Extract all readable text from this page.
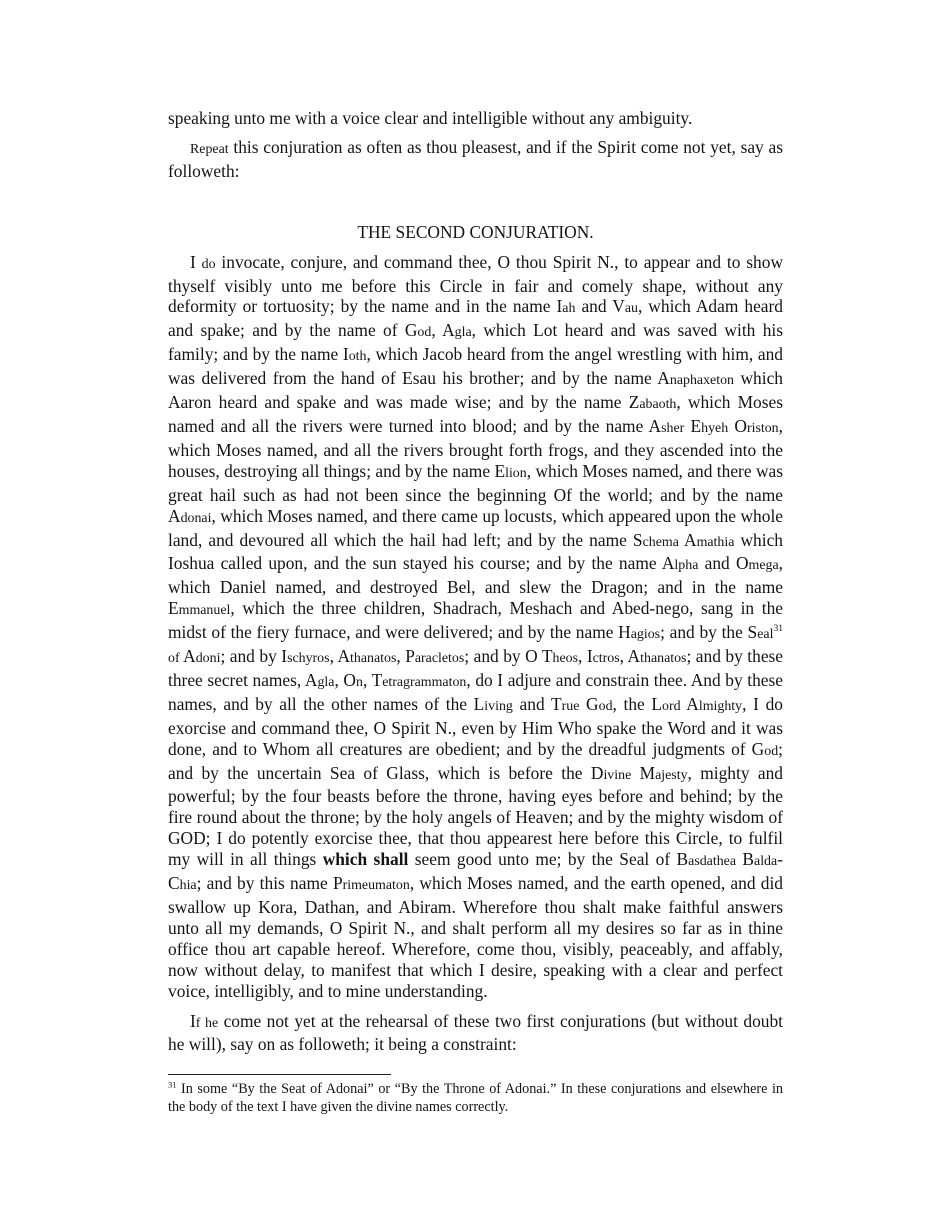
speaking unto me with a voice clear and intelligible without any ambiguity.

Repeat this conjuration as often as thou pleasest, and if the Spirit come not yet, say as followeth:

THE SECOND CONJURATION.

I do invocate, conjure, and command thee, O thou Spirit N., to appear and to show thyself visibly unto me before this Circle in fair and comely shape, without any deformity or tortuosity; by the name and in the name Iah and Vau, which Adam heard and spake; and by the name of God, Agla, which Lot heard and was saved with his family; and by the name Ioth, which Jacob heard from the angel wrestling with him, and was delivered from the hand of Esau his brother; and by the name Anaphaxeton which Aaron heard and spake and was made wise; and by the name Zabaoth, which Moses named and all the rivers were turned into blood; and by the name Asher Ehyeh Oriston, which Moses named, and all the rivers brought forth frogs, and they ascended into the houses, destroying all things; and by the name Elion, which Moses named, and there was great hail such as had not been since the beginning Of the world; and by the name Adonai, which Moses named, and there came up locusts, which appeared upon the whole land, and devoured all which the hail had left; and by the name Schema Amathia which Ioshua called upon, and the sun stayed his course; and by the name Alpha and Omega, which Daniel named, and destroyed Bel, and slew the Dragon; and in the name Emmanuel, which the three children, Shadrach, Meshach and Abed-nego, sang in the midst of the fiery furnace, and were delivered; and by the name Hagios; and by the Seal$^{31}$ of Adoni; and by Ischyros, Athanatos, Paracletos; and by O Theos, Ictros, Athanatos; and by these three secret names, Agla, On, Tetragrammaton, do I adjure and constrain thee. And by these names, and by all the other names of the Living and True God, the Lord Almighty, I do exorcise and command thee, O Spirit N., even by Him Who spake the Word and it was done, and to Whom all creatures are obedient; and by the dreadful judgments of God; and by the uncertain Sea of Glass, which is before the Divine Majesty, mighty and powerful; by the four beasts before the throne, having eyes before and behind; by the fire round about the throne; by the holy angels of Heaven; and by the mighty wisdom of GOD; I do potently exorcise thee, that thou appearest here before this Circle, to fulfil my will in all things which shall seem good unto me; by the Seal of Basdathea Balda-Chia; and by this name Primeumaton, which Moses named, and the earth opened, and did swallow up Kora, Dathan, and Abiram. Wherefore thou shalt make faithful answers unto all my demands, O Spirit N., and shalt perform all my desires so far as in thine office thou art capable hereof. Wherefore, come thou, visibly, peaceably, and affably, now without delay, to manifest that which I desire, speaking with a clear and perfect voice, intelligibly, and to mine understanding.

If he come not yet at the rehearsal of these two first conjurations (but without doubt he will), say on as followeth; it being a constraint:

$^{31}$ In some “By the Seat of Adonai” or “By the Throne of Adonai.” In these conjurations and elsewhere in the body of the text I have given the divine names correctly.
